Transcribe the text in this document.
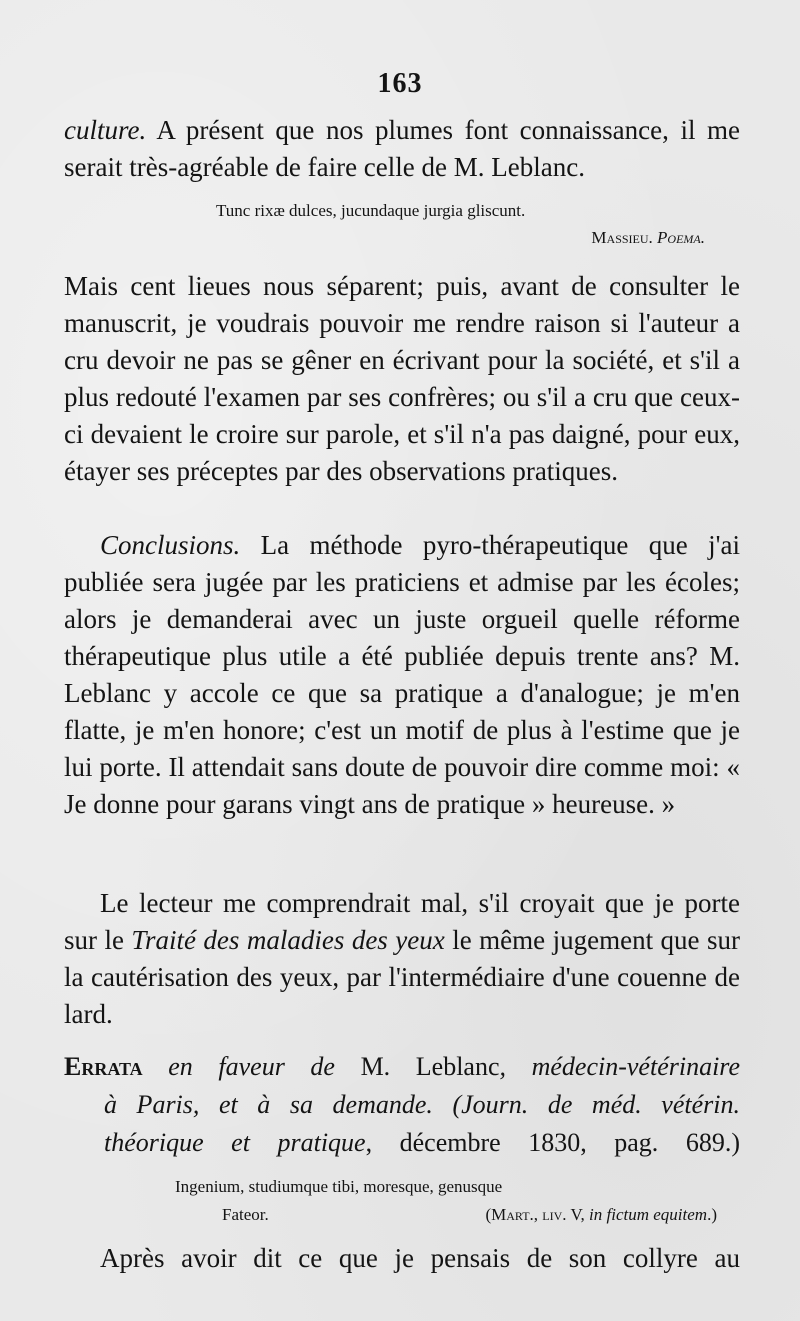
163

culture. A présent que nos plumes font connaissance, il me serait très-agréable de faire celle de M. Leblanc.

Tunc rixæ dulces, jucundaque jurgia gliscunt.
Massieu. Poema.

Mais cent lieues nous séparent; puis, avant de consulter le manuscrit, je voudrais pouvoir me rendre raison si l'auteur a cru devoir ne pas se gêner en écrivant pour la société, et s'il a plus redouté l'examen par ses confrères; ou s'il a cru que ceux-ci devaient le croire sur parole, et s'il n'a pas daigné, pour eux, étayer ses préceptes par des observations pratiques.

Conclusions. La méthode pyro-thérapeutique que j'ai publiée sera jugée par les praticiens et admise par les écoles; alors je demanderai avec un juste orgueil quelle réforme thérapeutique plus utile a été publiée depuis trente ans? M. Leblanc y accole ce que sa pratique a d'analogue; je m'en flatte, je m'en honore; c'est un motif de plus à l'estime que je lui porte. Il attendait sans doute de pouvoir dire comme moi: « Je donne pour garans vingt ans de pratique » heureuse. »

Le lecteur me comprendrait mal, s'il croyait que je porte sur le Traité des maladies des yeux le même jugement que sur la cautérisation des yeux, par l'intermédiaire d'une couenne de lard.

Errata en faveur de M. Leblanc, médecin-vétérinaire
à Paris, et à sa demande. (Journ. de méd. vétérin.
théorique et pratique, décembre 1830, pag. 689.)
Ingenium, studiumque tibi, moresque, genusque
Fateor.	(Mart., liv. V, in fictum equitem.)

Après avoir dit ce que je pensais de son collyre au
